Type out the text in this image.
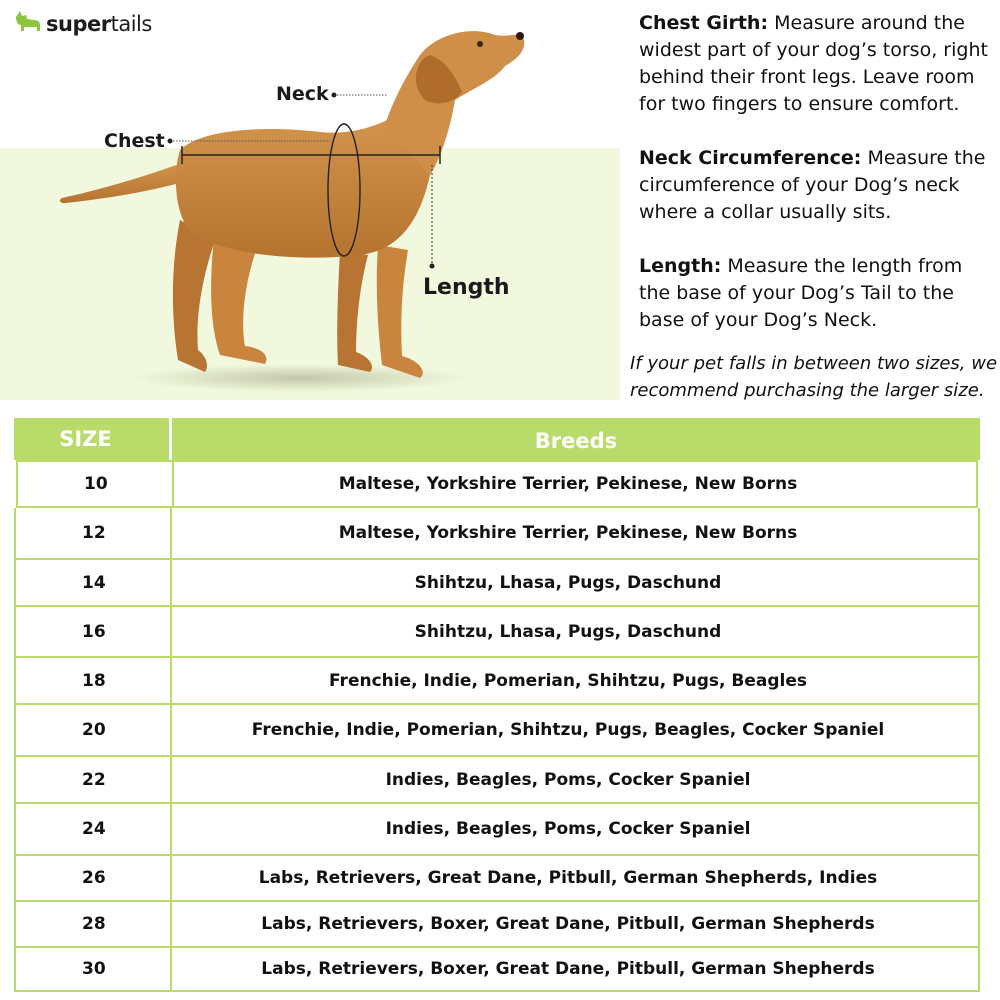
supertails
Neck
Chest
Length

Chest Girth: Measure around the widest part of your dog’s torso, right behind their front legs. Leave room for two fingers to ensure comfort.

Neck Circumference: Measure the circumference of your Dog’s neck where a collar usually sits.

Length: Measure the length from the base of your Dog’s Tail to the base of your Dog’s Neck.

If your pet falls in between two sizes, we recommend purchasing the larger size.

SIZE	Breeds
10	Maltese, Yorkshire Terrier, Pekinese, New Borns
12	Maltese, Yorkshire Terrier, Pekinese, New Borns
14	Shihtzu, Lhasa, Pugs, Daschund
16	Shihtzu, Lhasa, Pugs, Daschund
18	Frenchie, Indie, Pomerian, Shihtzu, Pugs, Beagles
20	Frenchie, Indie, Pomerian, Shihtzu, Pugs, Beagles, Cocker Spaniel
22	Indies, Beagles, Poms, Cocker Spaniel
24	Indies, Beagles, Poms, Cocker Spaniel
26	Labs, Retrievers, Great Dane, Pitbull, German Shepherds, Indies
28	Labs, Retrievers, Boxer, Great Dane, Pitbull, German Shepherds
30	Labs, Retrievers, Boxer, Great Dane, Pitbull, German Shepherds
